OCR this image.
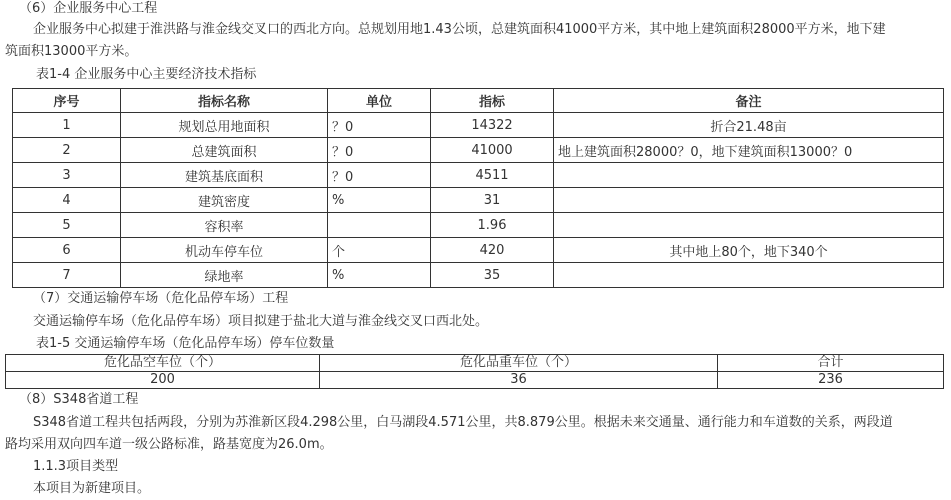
（6）企业服务中心工程
企业服务中心拟建于淮洪路与淮金线交叉口的西北方向。总规划用地1.43公顷，总建筑面积41000平方米，其中地上建筑面积28000平方米，地下建
筑面积13000平方米。
表1-4 企业服务中心主要经济技术指标
序号	指标名称	单位	指标	备注
1	规划总用地面积	？0	14322	折合21.48亩
2	总建筑面积	？0	41000	地上建筑面积28000？0，地下建筑面积13000？0
3	建筑基底面积	？0	4511	
4	建筑密度	%	31	
5	容积率		1.96	
6	机动车停车位	个	420	其中地上80个，地下340个
7	绿地率	%	35	
（7）交通运输停车场（危化品停车场）工程
交通运输停车场（危化品停车场）项目拟建于盐北大道与淮金线交叉口西北处。
表1-5 交通运输停车场（危化品停车场）停车位数量
危化品空车位（个）	危化品重车位（个）	合计
200	36	236
（8）S348省道工程
S348省道工程共包括两段，分别为苏淮新区段4.298公里，白马湖段4.571公里，共8.879公里。根据未来交通量、通行能力和车道数的关系，两段道
路均采用双向四车道一级公路标准，路基宽度为26.0m。
1.1.3项目类型
本项目为新建项目。
